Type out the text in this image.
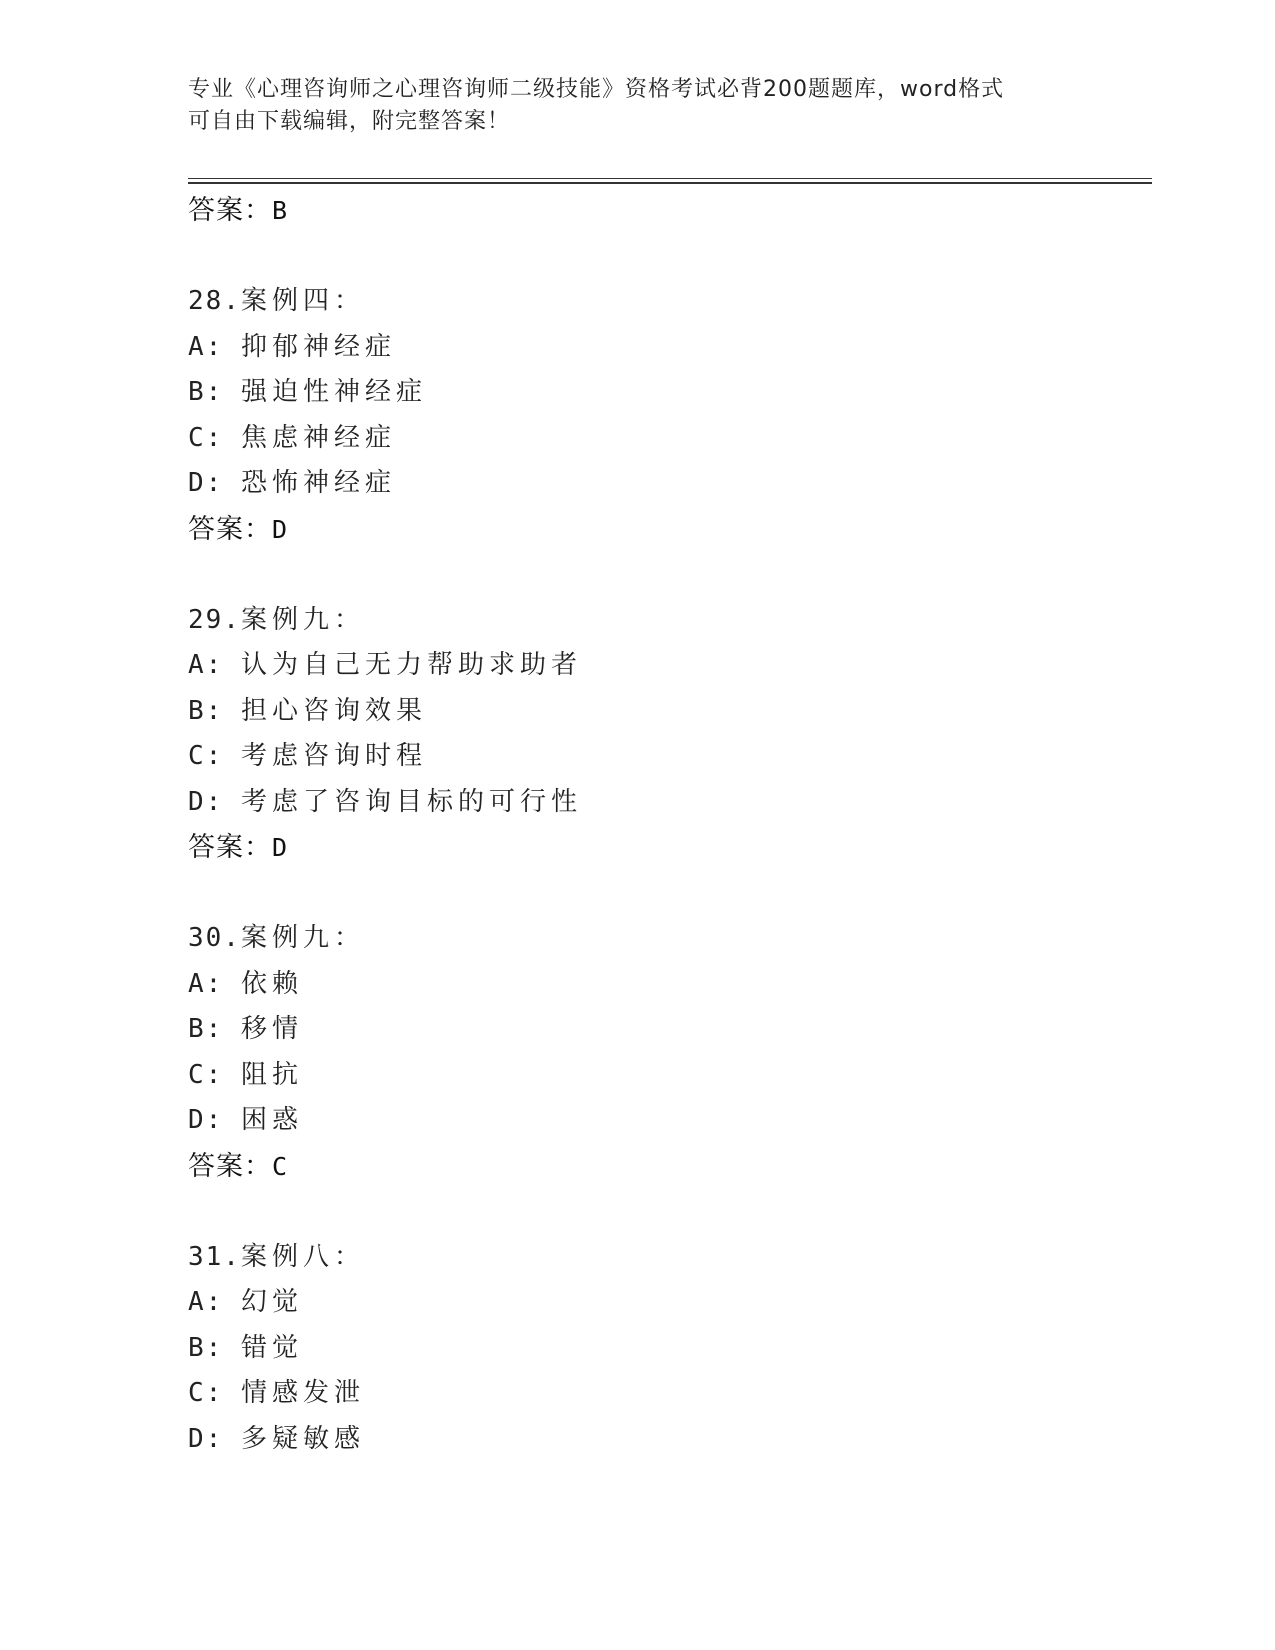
专业《心理咨询师之心理咨询师二级技能》资格考试必背200题题库，word格式
可自由下载编辑，附完整答案！
答案：B
28.案例四：
A: 抑郁神经症
B: 强迫性神经症
C: 焦虑神经症
D: 恐怖神经症
答案：D
29.案例九：
A: 认为自己无力帮助求助者
B: 担心咨询效果
C: 考虑咨询时程
D: 考虑了咨询目标的可行性
答案：D
30.案例九：
A: 依赖
B: 移情
C: 阻抗
D: 困惑
答案：C
31.案例八：
A: 幻觉
B: 错觉
C: 情感发泄
D: 多疑敏感
